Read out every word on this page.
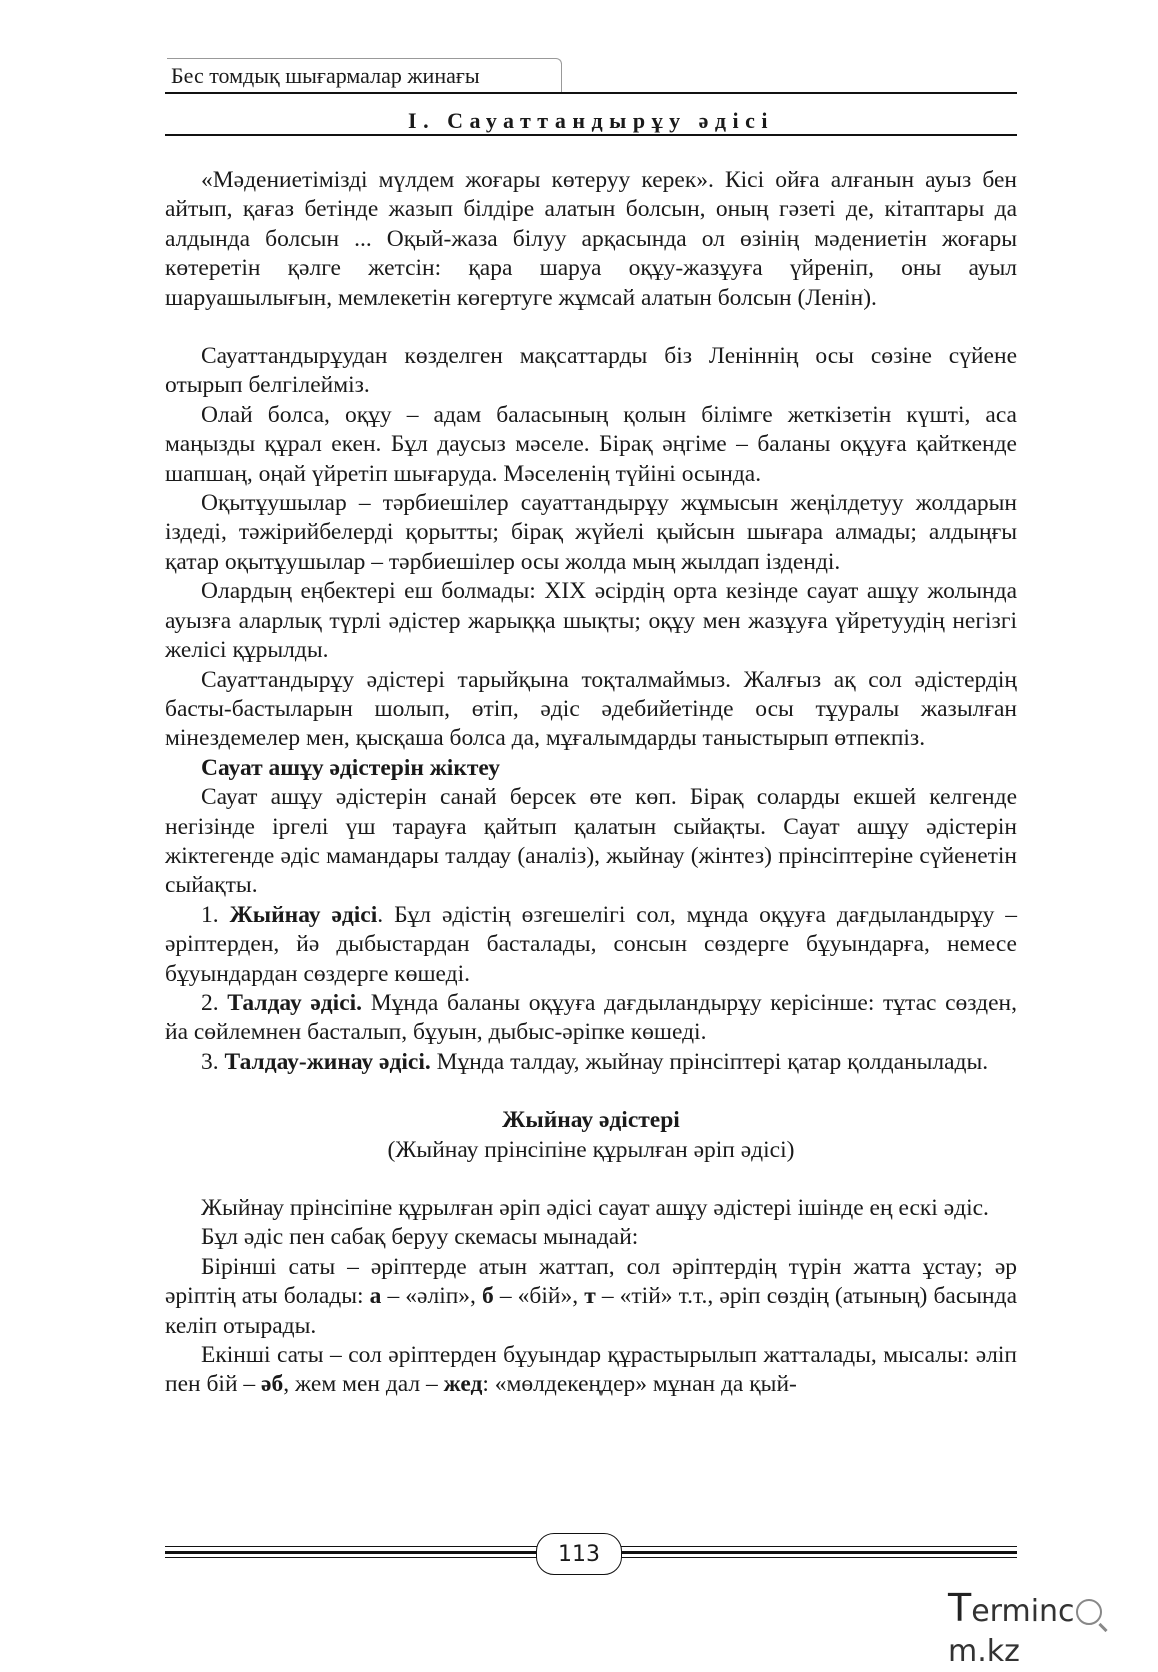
Бес томдық шығармалар жинағы
І. Сауаттандырұу әдісі

«Мəдениетімізді мүлдем жоғары көтеруу керек». Кісі ойға алғанын ауыз бен айтып, қағаз бетінде жазып білдіре алатын болсын, оның гəзеті де, кітаптары да алдында болсын ... Оқый-жаза білуу арқасында ол өзінің мəдениетін жоғары көтеретін қəлге жетсін: қара шаруа оқұу-жазұуға үйреніп, оны ауыл шаруашылығын, мемлекетін көгертуге жұмсай алатын болсын (Ленін).

Сауаттандырұудан көзделген мақсаттарды біз Леніннің осы сөзіне сүйене отырып белгілейміз.

Олай болса, оқұу – адам баласының қолын білімге жеткізетін күшті, аса маңызды құрал екен. Бұл даусыз мəселе. Бірақ əңгіме – баланы оқұуға қайткенде шапшаң, оңай үйретіп шығаруда. Мəселенің түйіні осында.

Оқытұушылар – тəрбиешілер сауаттандырұу жұмысын жеңілдетуу жолдарын іздеді, тəжірийбелерді қорытты; бірақ жүйелі қыйсын шығара алмады; алдыңғы қатар оқытұушылар – тəрбиешілер осы жолда мың жылдап ізденді.

Олардың еңбектері еш болмады: ХІХ əсірдің орта кезінде сауат ашұу жолында ауызға аларлық түрлі əдістер жарыққа шықты; оқұу мен жазұуға үйретуудің негізгі желісі құрылды.

Сауаттандырұу əдістері тарыйқына тоқталмаймыз. Жалғыз ақ сол əдістердің басты-бастыларын шолып, өтіп, əдіс əдебийетінде осы тұуралы жазылған мінездемелер мен, қысқаша болса да, мұғалымдарды таныстырып өтпекпіз.

Сауат ашұу əдістерін жіктеу

Сауат ашұу əдістерін санай берсек өте көп. Бірақ соларды екшей келгенде негізінде іргелі үш тарауға қайтып қалатын сыйақты. Сауат ашұу əдістерін жіктегенде əдіс мамандары талдау (аналіз), жыйнау (жінтез) прінсіптеріне сүйенетін сыйақты.

1. Жыйнау əдісі. Бұл əдістің өзгешелігі сол, мұнда оқұуға дағдыландырұу – əріптерден, йə дыбыстардан басталады, сонсын сөздерге бұуындарға, немесе бұуындардан сөздерге көшеді.

2. Талдау əдісі. Мұнда баланы оқұуға дағдыландырұу керісінше: тұтас сөзден, йа сөйлемнен басталып, бұуын, дыбыс-əріпке көшеді.

3. Талдау-жинау əдісі. Мұнда талдау, жыйнау прінсіптері қатар қолданылады.

Жыйнау əдістері

(Жыйнау прінсіпіне құрылған əріп əдісі)

Жыйнау прінсіпіне құрылған əріп əдісі сауат ашұу əдістері ішінде ең ескі əдіс.

Бұл əдіс пен сабақ беруу скемасы мынадай:

Бірінші саты – əріптерде атын жаттап, сол əріптердің түрін жатта ұстау; əр əріптің аты болады: а – «əліп», б – «бій», т – «тій» т.т., əріп сөздің (атының) басында келіп отырады.

Екінші саты – сол əріптерден бұуындар құрастырылып жатталады, мысалы: əліп пен бій – əб, жем мен дал – жед: «мөлдекеңдер» мұнан да қый-

113
Termincm.kz
